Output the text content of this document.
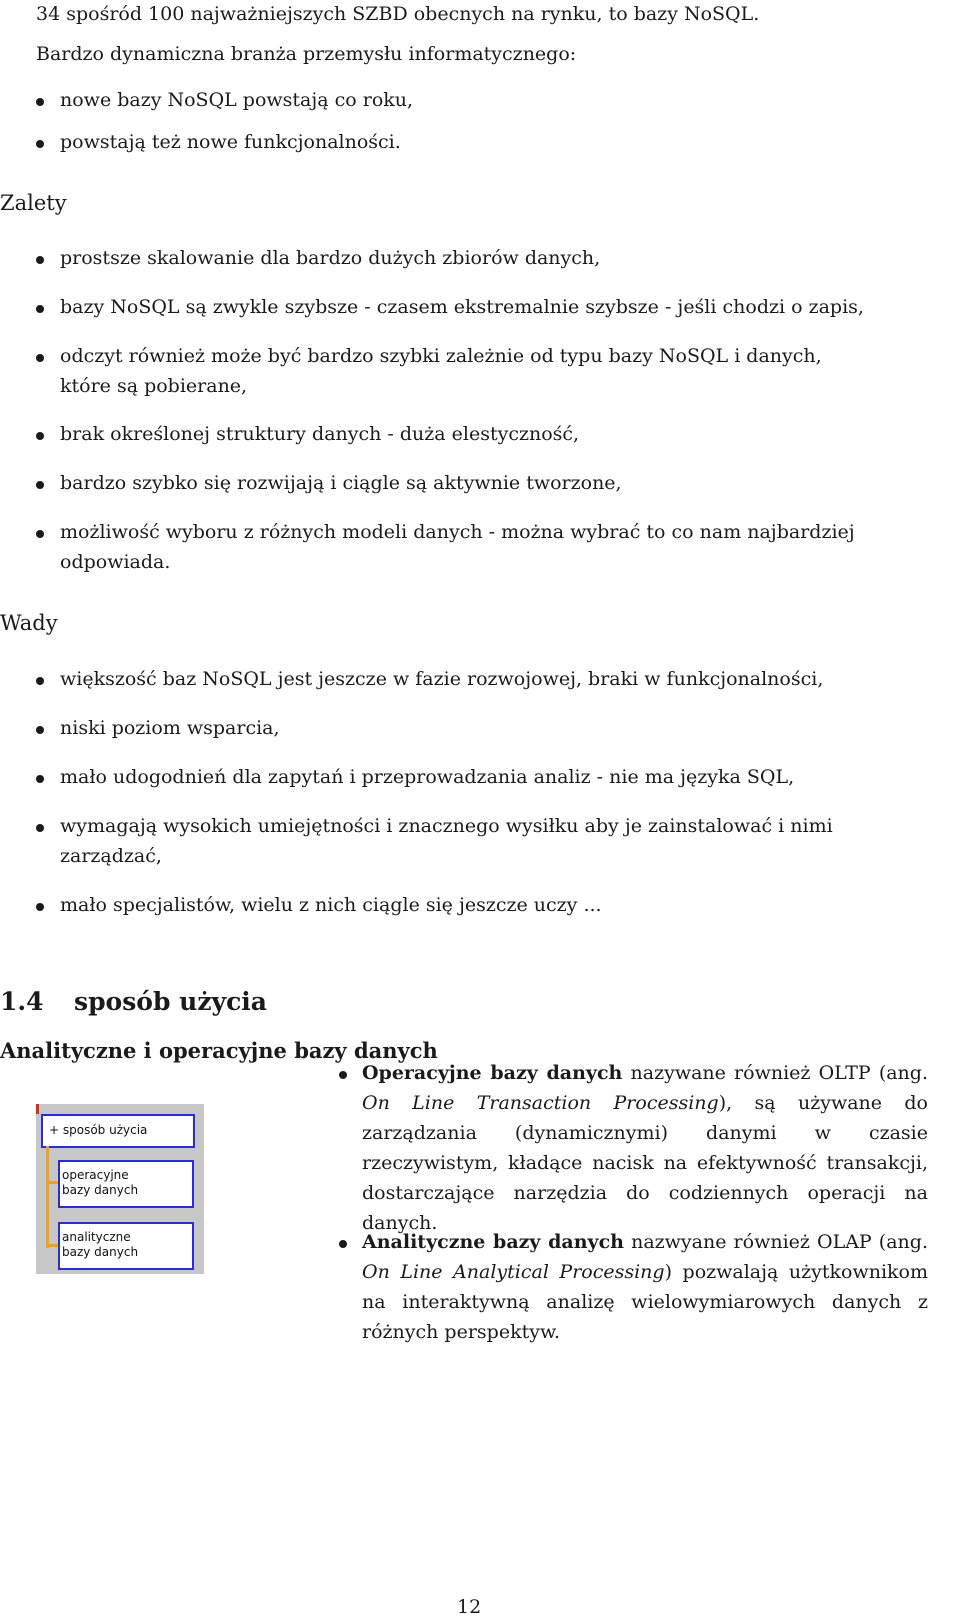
34 spośród 100 najważniejszych SZBD obecnych na rynku, to bazy NoSQL.
Bardzo dynamiczna branża przemysłu informatycznego:
nowe bazy NoSQL powstają co roku,
powstają też nowe funkcjonalności.
Zalety
prostsze skalowanie dla bardzo dużych zbiorów danych,
bazy NoSQL są zwykle szybsze - czasem ekstremalnie szybsze - jeśli chodzi o zapis,
odczyt również może być bardzo szybki zależnie od typu bazy NoSQL i danych,
które są pobierane,
brak określonej struktury danych - duża elestyczność,
bardzo szybko się rozwijają i ciągle są aktywnie tworzone,
możliwość wyboru z różnych modeli danych - można wybrać to co nam najbardziej
odpowiada.
Wady
większość baz NoSQL jest jeszcze w fazie rozwojowej, braki w funkcjonalności,
niski poziom wsparcia,
mało udogodnień dla zapytań i przeprowadzania analiz - nie ma języka SQL,
wymagają wysokich umiejętności i znacznego wysiłku aby je zainstalować i nimi
zarządzać,
mało specjalistów, wielu z nich ciągle się jeszcze uczy ...
1.4 sposób użycia
Analityczne i operacyjne bazy danych
+ sposób użycia
operacyjne
bazy danych
analityczne
bazy danych
Operacyjne bazy danych nazywane również OLTP (ang. On Line Transaction Processing), są używane do zarządzania (dynamicznymi) danymi w czasie rzeczywistym, kładące nacisk na efektywność transakcji, dostarczające narzędzia do codziennych operacji na danych.
Analityczne bazy danych nazwyane również OLAP (ang. On Line Analytical Processing) pozwalają użytkownikom na interaktywną analizę wielowymiarowych danych z różnych perspektyw.
12
